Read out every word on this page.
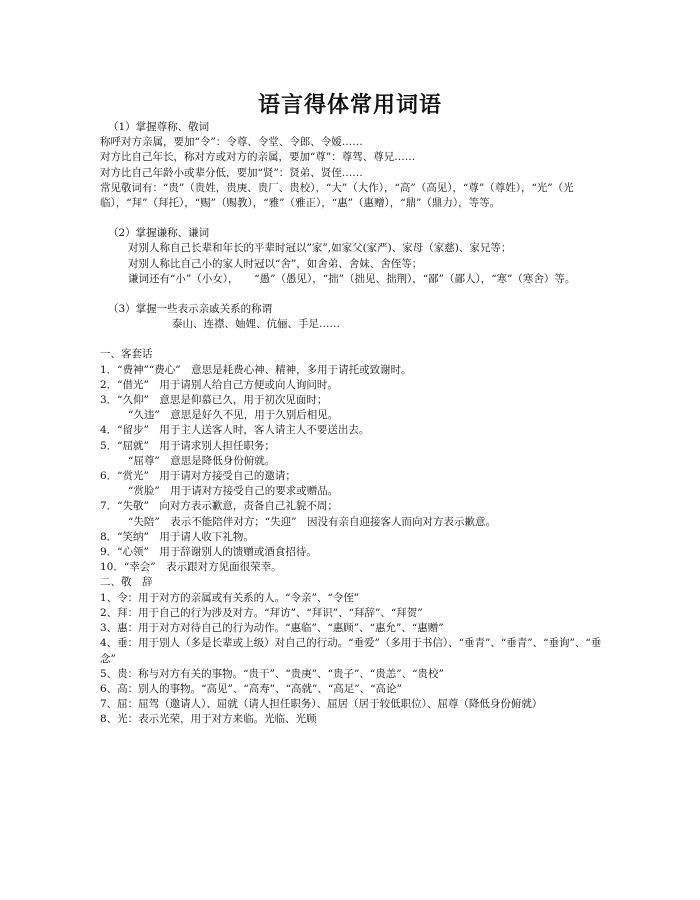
语言得体常用词语

（1）掌握尊称、敬词

称呼对方亲属，要加“令”：令尊、令堂、令郎、令嫒……

对方比自己年长，称对方或对方的亲属，要加“尊”：尊驾、尊兄……

对方比自己年龄小或辈分低，要加“贤”：贤弟、贤侄……

常见敬词有：“贵”（贵姓，贵庚、贵厂、贵校），“大”（大作），“高”（高见），“尊”（尊姓），“光”（光临），“拜”（拜托），“赐”（赐教），“雅”（雅正），“惠”（惠赠），“鼎”（鼎力），等等。

（2）掌握谦称、谦词

对别人称自己长辈和年长的平辈时冠以”家”,如家父(家严)、家母（家慈)、家兄等；

对别人称比自己小的家人时冠以“舍”，如舍弟、舍妹、舍侄等；

谦词还有“小”（小女），　　“愚”（愚见），“拙”（拙见、拙荆），“鄙”（鄙人），“寒”（寒舍）等。

（3）掌握一些表示亲戚关系的称谓

泰山、连襟、妯娌、伉俪、手足……

一、客套话

1．“费神”“费心”　意思是耗费心神、精神，多用于请托或致谢时。

2．“借光”　用于请别人给自己方便或向人询问时。

3．“久仰”　意思是仰慕已久，用于初次见面时；

“久违”　意思是好久不见，用于久别后相见。

4．“留步”　用于主人送客人时，客人请主人不要送出去。

5．“屈就”　用于请求别人担任职务；

“屈尊”　意思是降低身份俯就。

6．“赏光”　用于请对方接受自己的邀请；

“赏脸”　用于请对方接受自己的要求或赠品。

7．“失敬”　向对方表示歉意，责备自己礼貌不周；

“失陪”　表示不能陪伴对方；“失迎”　因没有亲自迎接客人而向对方表示歉意。

8．“笑纳”　用于请人收下礼物。

9．“心领”　用于辞谢别人的馈赠或酒食招待。

10．“幸会”　表示跟对方见面很荣幸。

二、敬　辞

1、令：用于对方的亲属或有关系的人。“令亲”、“令侄”

2、拜：用于自己的行为涉及对方。“拜访”、“拜识”、“拜辞”、“拜贺”

3、惠：用于对方对待自己的行为动作。“惠临”、“惠顾”、“惠允”、“惠赠”

4、垂：用于别人（多是长辈或上级）对自己的行动。“垂爱”（多用于书信）、“垂青”、“垂青”、“垂询”、“垂念”

5、贵：称与对方有关的事物。“贵干”、“贵庚”、“贵子”、“贵恙”、“贵校”

6、高：别人的事物。“高见”、“高寿”、“高就”、“高足”、“高论”

7、屈：屈驾（邀请人）、屈就（请人担任职务）、屈居（居于较低职位）、屈尊（降低身份俯就）

8、光：表示光荣，用于对方来临。光临、光顾
